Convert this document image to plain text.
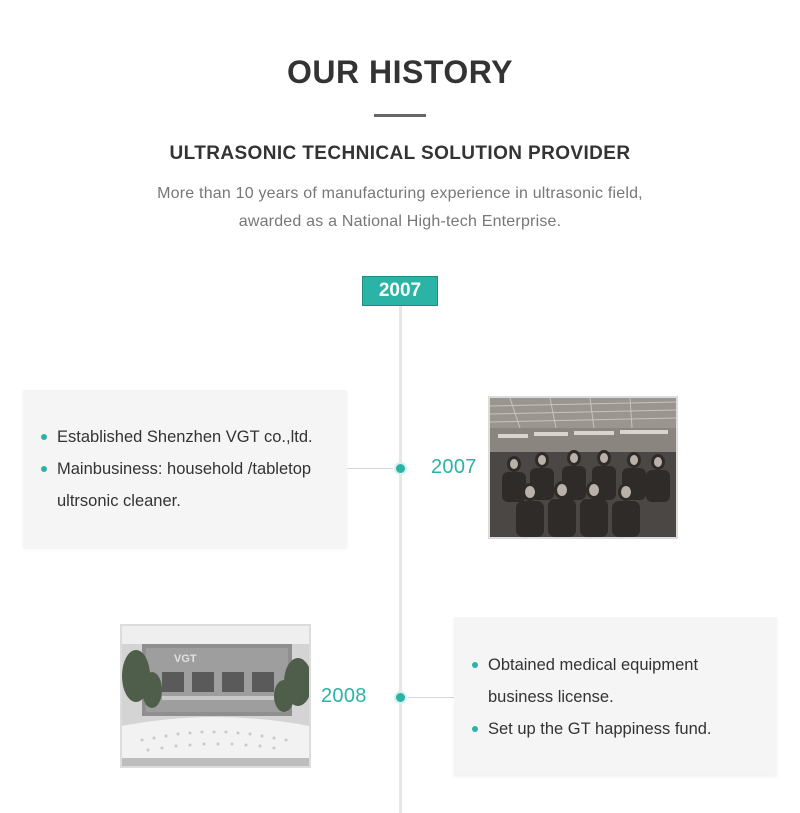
OUR HISTORY
ULTRASONIC TECHNICAL SOLUTION PROVIDER

More than 10 years of manufacturing experience in ultrasonic field,
awarded as a National High-tech Enterprise.

2007
Established Shenzhen VGT co.,ltd.
Mainbusiness: household /tabletop ultrsonic cleaner.
2007
VGT
2008
Obtained medical equipment business license.
Set up the GT happiness fund.
